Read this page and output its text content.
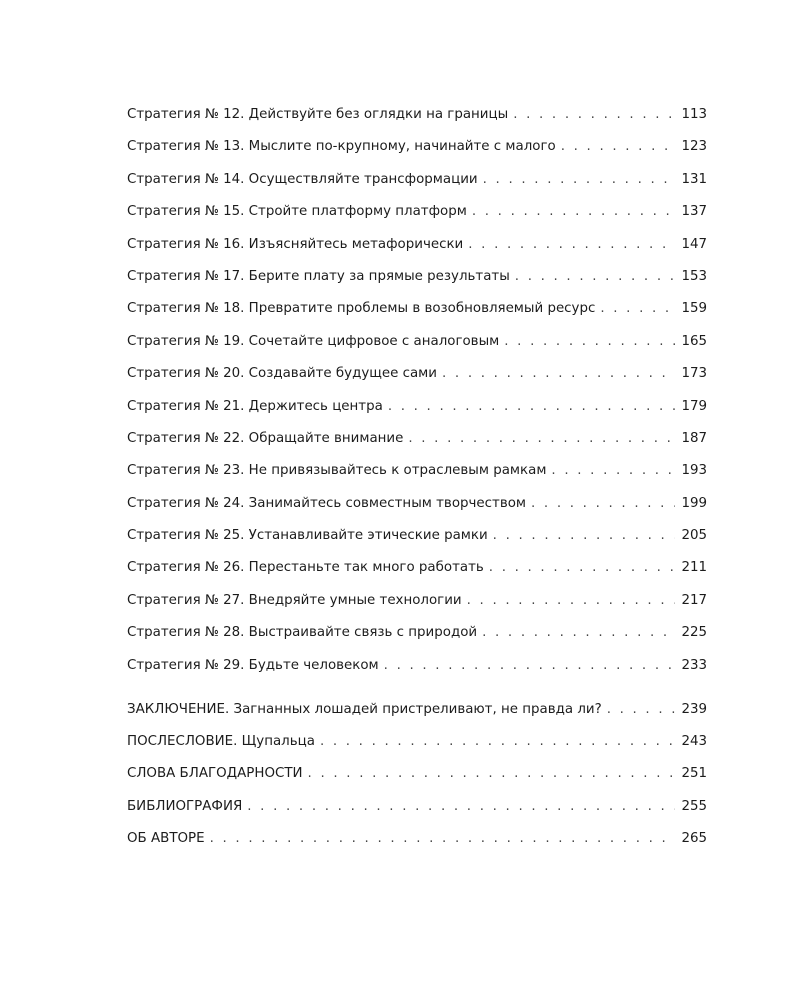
Стратегия № 12. Действуйте без оглядки на границы . . .	113
Стратегия № 13. Мыслите по-крупному, начинайте с малого . . .	123
Стратегия № 14. Осуществляйте трансформации . . .	131
Стратегия № 15. Стройте платформу платформ . . .	137
Стратегия № 16. Изъясняйтесь метафорически . . .	147
Стратегия № 17. Берите плату за прямые результаты . . .	153
Стратегия № 18. Превратите проблемы в возобновляемый ресурс . . .	159
Стратегия № 19. Сочетайте цифровое с аналоговым . . .	165
Стратегия № 20. Создавайте будущее сами . . .	173
Стратегия № 21. Держитесь центра . . .	179
Стратегия № 22. Обращайте внимание . . .	187
Стратегия № 23. Не привязывайтесь к отраслевым рамкам . . .	193
Стратегия № 24. Занимайтесь совместным творчеством . . .	199
Стратегия № 25. Устанавливайте этические рамки . . .	205
Стратегия № 26. Перестаньте так много работать . . .	211
Стратегия № 27. Внедряйте умные технологии . . .	217
Стратегия № 28. Выстраивайте связь с природой . . .	225
Стратегия № 29. Будьте человеком . . .	233
ЗАКЛЮЧЕНИЕ. Загнанных лошадей пристреливают, не правда ли? . . .	239
ПОСЛЕСЛОВИЕ. Щупальца . . .	243
СЛОВА БЛАГОДАРНОСТИ . . .	251
БИБЛИОГРАФИЯ . . .	255
ОБ АВТОРЕ . . .	265
